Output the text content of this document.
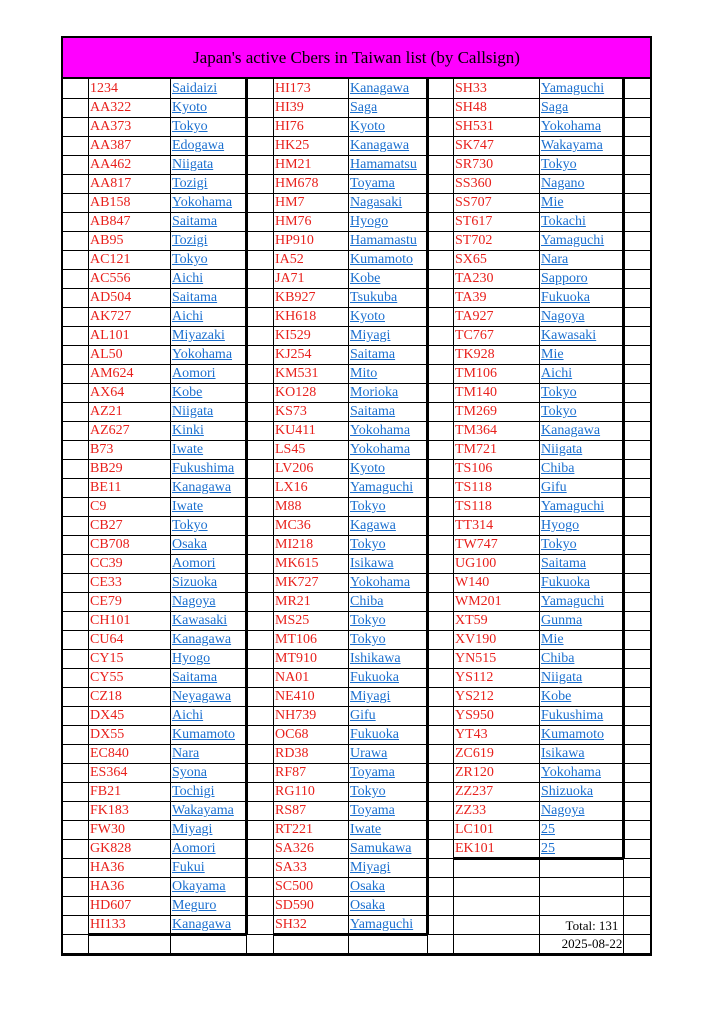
Japan's active Cbers in Taiwan list (by Callsign)
1234	Saidaizi
AA322	Kyoto
AA373	Tokyo
AA387	Edogawa
AA462	Niigata
AA817	Tozigi
AB158	Yokohama
AB847	Saitama
AB95	Tozigi
AC121	Tokyo
AC556	Aichi
AD504	Saitama
AK727	Aichi
AL101	Miyazaki
AL50	Yokohama
AM624	Aomori
AX64	Kobe
AZ21	Niigata
AZ627	Kinki
B73	Iwate
BB29	Fukushima
BE11	Kanagawa
C9	Iwate
CB27	Tokyo
CB708	Osaka
CC39	Aomori
CE33	Sizuoka
CE79	Nagoya
CH101	Kawasaki
CU64	Kanagawa
CY15	Hyogo
CY55	Saitama
CZ18	Neyagawa
DX45	Aichi
DX55	Kumamoto
EC840	Nara
ES364	Syona
FB21	Tochigi
FK183	Wakayama
FW30	Miyagi
GK828	Aomori
HA36	Fukui
HA36	Okayama
HD607	Meguro
HI133	Kanagawa
HI173	Kanagawa
HI39	Saga
HI76	Kyoto
HK25	Kanagawa
HM21	Hamamatsu
HM678	Toyama
HM7	Nagasaki
HM76	Hyogo
HP910	Hamamastu
IA52	Kumamoto
JA71	Kobe
KB927	Tsukuba
KH618	Kyoto
KI529	Miyagi
KJ254	Saitama
KM531	Mito
KO128	Morioka
KS73	Saitama
KU411	Yokohama
LS45	Yokohama
LV206	Kyoto
LX16	Yamaguchi
M88	Tokyo
MC36	Kagawa
MI218	Tokyo
MK615	Isikawa
MK727	Yokohama
MR21	Chiba
MS25	Tokyo
MT106	Tokyo
MT910	Ishikawa
NA01	Fukuoka
NE410	Miyagi
NH739	Gifu
OC68	Fukuoka
RD38	Urawa
RF87	Toyama
RG110	Tokyo
RS87	Toyama
RT221	Iwate
SA326	Samukawa
SA33	Miyagi
SC500	Osaka
SD590	Osaka
SH32	Yamaguchi
SH33	Yamaguchi
SH48	Saga
SH531	Yokohama
SK747	Wakayama
SR730	Tokyo
SS360	Nagano
SS707	Mie
ST617	Tokachi
ST702	Yamaguchi
SX65	Nara
TA230	Sapporo
TA39	Fukuoka
TA927	Nagoya
TC767	Kawasaki
TK928	Mie
TM106	Aichi
TM140	Tokyo
TM269	Tokyo
TM364	Kanagawa
TM721	Niigata
TS106	Chiba
TS118	Gifu
TS118	Yamaguchi
TT314	Hyogo
TW747	Tokyo
UG100	Saitama
W140	Fukuoka
WM201	Yamaguchi
XT59	Gunma
XV190	Mie
YN515	Chiba
YS112	Niigata
YS212	Kobe
YS950	Fukushima
YT43	Kumamoto
ZC619	Isikawa
ZR120	Yokohama
ZZ237	Shizuoka
ZZ33	Nagoya
LC101	25
EK101	25
Total: 131
2025-08-22
